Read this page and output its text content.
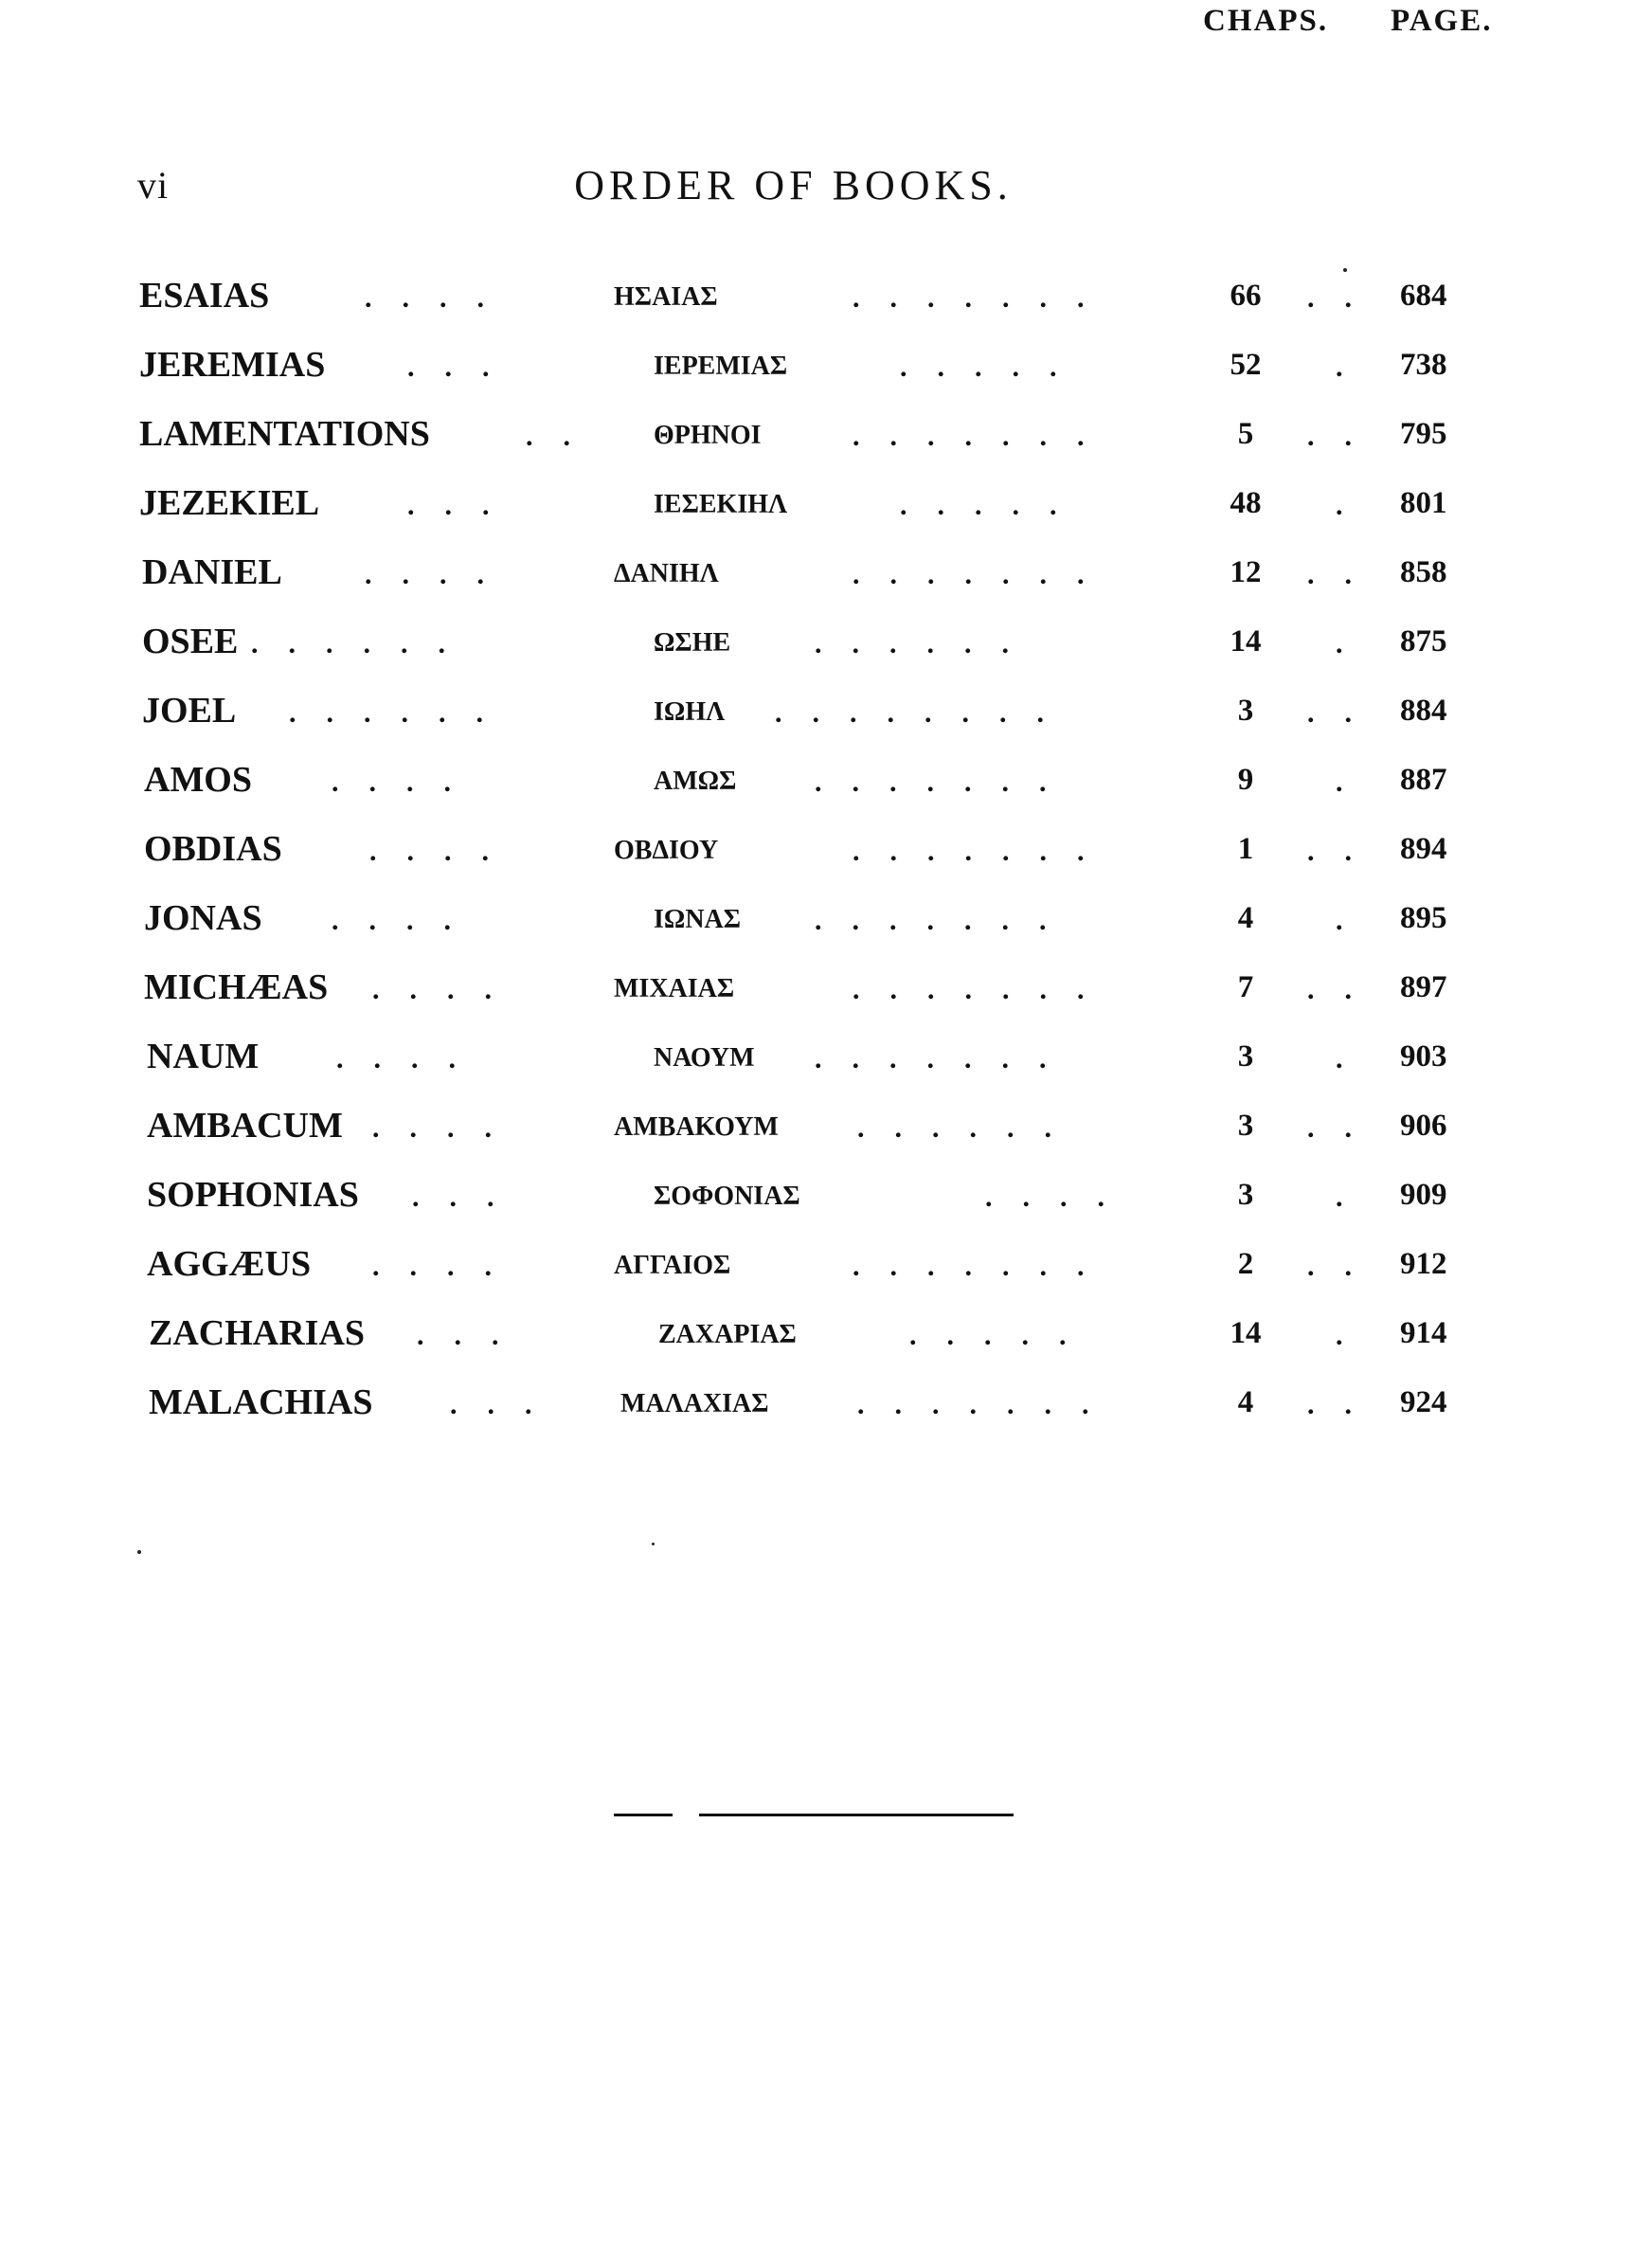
vi	ORDER OF BOOKS.
CHAPS. PAGE.
ESAIAS	....	ΗΣΑΙΑΣ	.......	66	.. 684
JEREMIAS	...	ΙΕΡΕΜΙΑΣ	.....	52	. 738
LAMENTATIONS	.. ΘΡΗΝΟΙ	.......	5	.. 795
JEZEKIEL	...	ΙΕΣΕΚΙΗΛ	.....	48	. 801
DANIEL	....	ΔΑΝΙΗΛ	.......	12	.. 858
OSEE ......	ΩΣΗΕ	......	14	. 875
JOEL ......	ΙΩΗΛ ........	3	.. 884
AMOS	....	ΑΜΩΣ	.......	9	. 887
OBDIAS	....	ΟΒΔΙΟΥ	.......	1	.. 894
JONAS ....	ΙΩΝΑΣ	.......	4	. 895
MICHÆAS ....	ΜΙΧΑΙΑΣ	.......	7	.. 897
NAUM	....	ΝΑΟΥΜ .......	3	. 903
AMBACUM ....	ΑΜΒΑΚΟΥΜ	......	3	.. 906
SOPHONIAS ...	ΣΟΦΟΝΙΑΣ	....	3	. 909
AGGÆUS ....	ΑΓΓΑΙΟΣ	.......	2	.. 912
ZACHARIAS ...	ΖΑΧΑΡΙΑΣ	.....	14	. 914
MALACHIAS	... ΜΑΛΑΧΙΑΣ	.......	4	.. 924
